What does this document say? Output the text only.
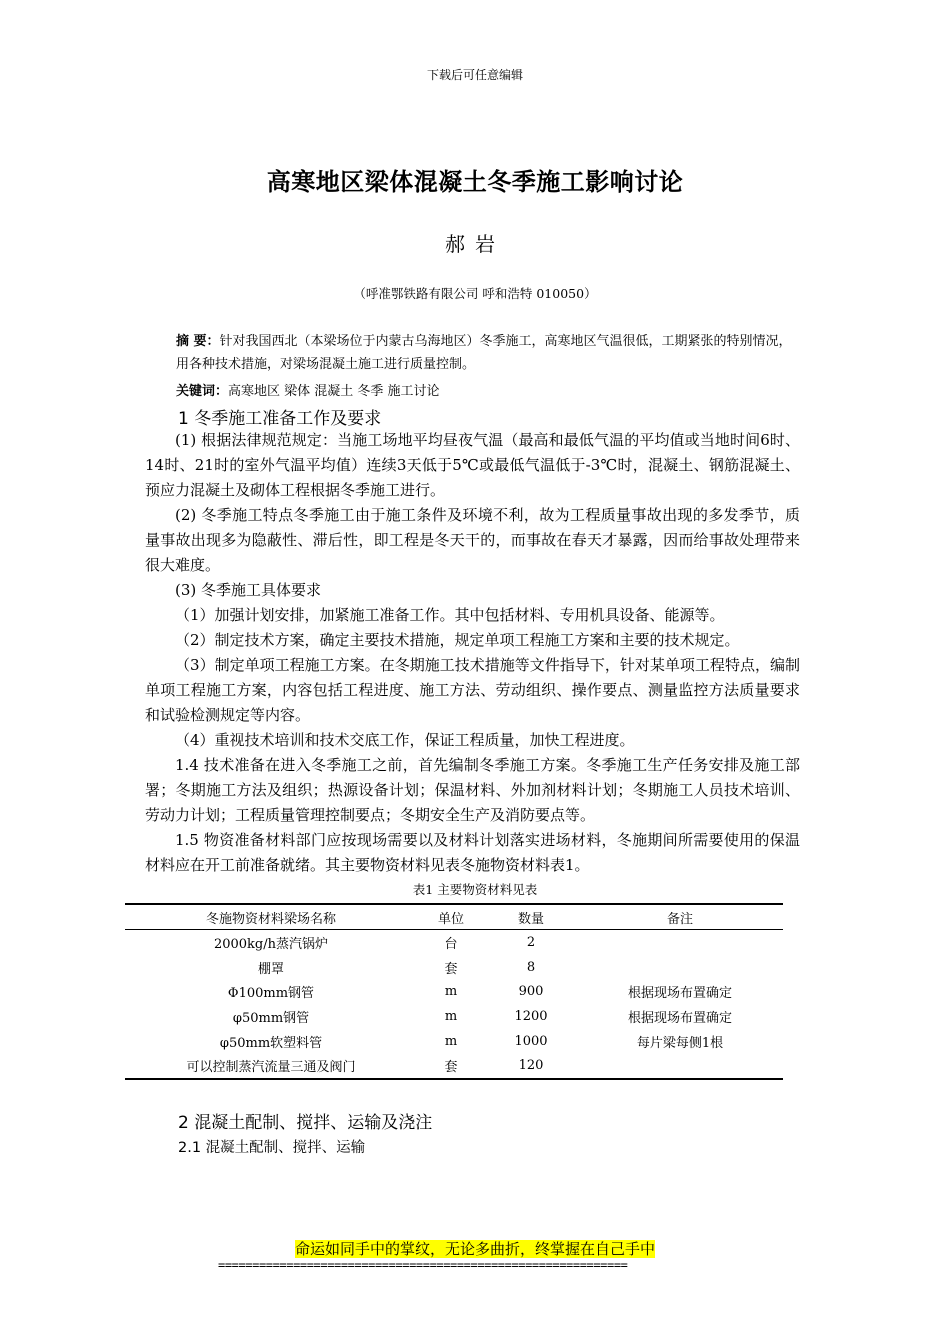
下载后可任意编辑
高寒地区梁体混凝土冬季施工影响讨论
郝岩
（呼准鄂铁路有限公司 呼和浩特 010050）
摘 要：针对我国西北（本梁场位于内蒙古乌海地区）冬季施工，高寒地区气温很低，工期紧张的特别情况，用各种技术措施，对梁场混凝土施工进行质量控制。
关键词：高寒地区 梁体 混凝土 冬季 施工讨论
1 冬季施工准备工作及要求
(1) 根据法律规范规定：当施工场地平均昼夜气温（最高和最低气温的平均值或当地时间6时、14时、21时的室外气温平均值）连续3天低于5℃或最低气温低于-3℃时，混凝土、钢筋混凝土、预应力混凝土及砌体工程根据冬季施工进行。
(2) 冬季施工特点冬季施工由于施工条件及环境不利，故为工程质量事故出现的多发季节，质量事故出现多为隐蔽性、滞后性，即工程是冬天干的，而事故在春天才暴露，因而给事故处理带来很大难度。
(3) 冬季施工具体要求
（1）加强计划安排，加紧施工准备工作。其中包括材料、专用机具设备、能源等。
（2）制定技术方案，确定主要技术措施，规定单项工程施工方案和主要的技术规定。
（3）制定单项工程施工方案。在冬期施工技术措施等文件指导下，针对某单项工程特点，编制单项工程施工方案，内容包括工程进度、施工方法、劳动组织、操作要点、测量监控方法质量要求和试验检测规定等内容。
（4）重视技术培训和技术交底工作，保证工程质量，加快工程进度。
1.4 技术准备在进入冬季施工之前，首先编制冬季施工方案。冬季施工生产任务安排及施工部署；冬期施工方法及组织；热源设备计划；保温材料、外加剂材料计划；冬期施工人员技术培训、劳动力计划；工程质量管理控制要点；冬期安全生产及消防要点等。
1.5 物资准备材料部门应按现场需要以及材料计划落实进场材料，冬施期间所需要使用的保温材料应在开工前准备就绪。其主要物资材料见表冬施物资材料表1。
表1 主要物资材料见表
冬施物资材料梁场名称	单位	数量	备注
2000kg/h蒸汽锅炉	台	2	
棚罩	套	8	
Φ100mm钢管	m	900	根据现场布置确定
φ50mm钢管	m	1200	根据现场布置确定
φ50mm软塑料管	m	1000	每片梁每侧1根
可以控制蒸汽流量三通及阀门	套	120	
2 混凝土配制、搅拌、运输及浇注
2.1 混凝土配制、搅拌、运输
命运如同手中的掌纹，无论多曲折，终掌握在自己手中
============================================================
